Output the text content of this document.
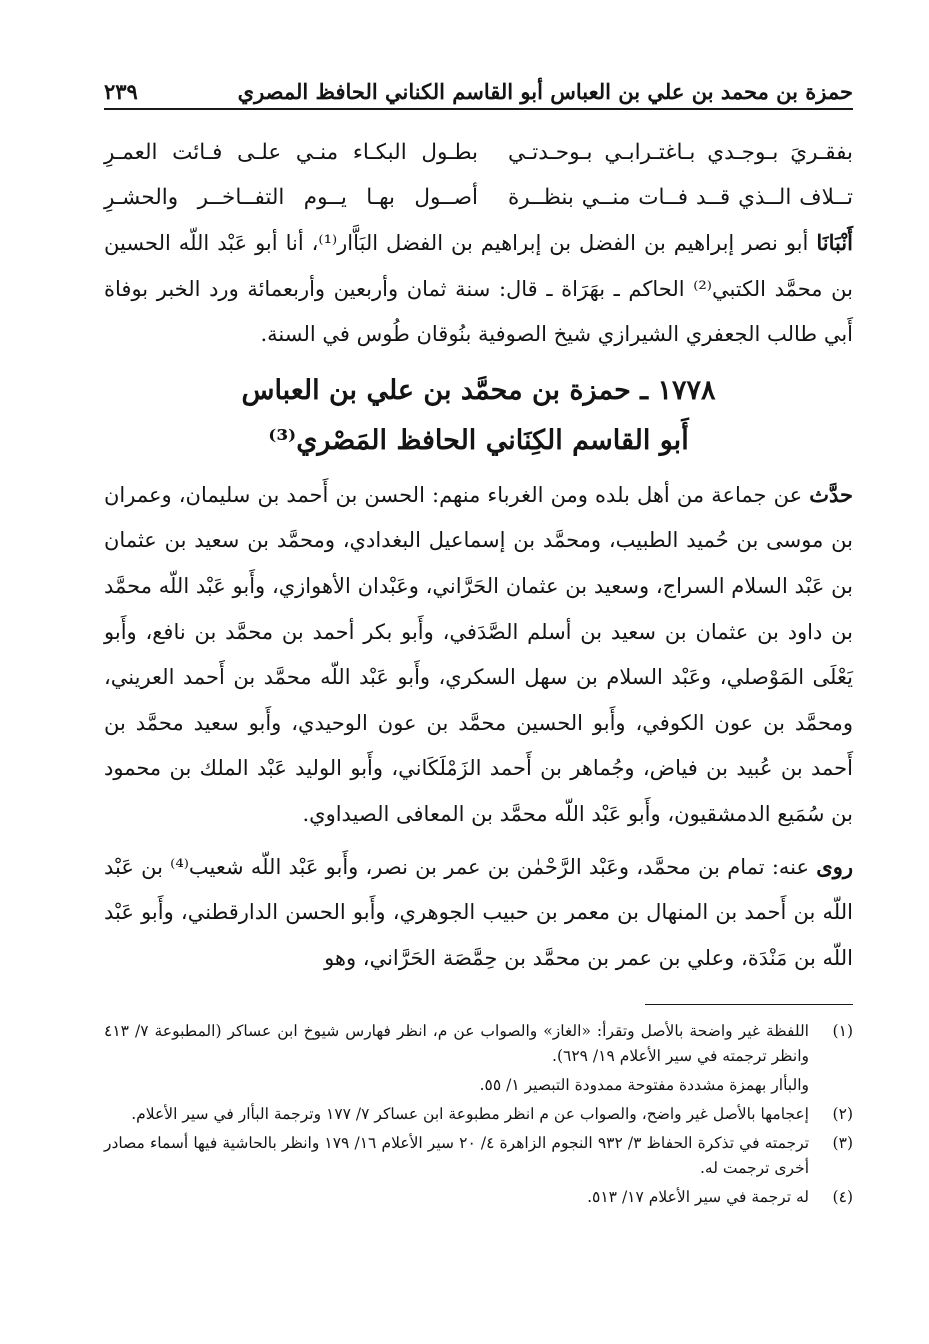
حمزة بن محمد بن علي بن العباس أبو القاسم الكناني الحافظ المصري
٢٣٩
بفقـريَ بـوجـدي بـاغتـرابـي بـوحـدتـي
بطـول البكـاء منـي علـى فـائت العمـرِ
تــلاف الــذي قــد فــات منــي بنظــرة
أصــول بهـا يــوم التفــاخــر والحشـرِ

أَنْبَانَا أبو نصر إبراهيم بن الفضل بن إبراهيم بن الفضل البَاَّار⁽¹⁾، أنا أبو عَبْد اللّه الحسين بن محمَّد الكتبي⁽²⁾ الحاكم ـ بهَرَاة ـ قال: سنة ثمان وأربعين وأربعمائة ورد الخبر بوفاة أَبي طالب الجعفري الشيرازي شيخ الصوفية بنُوقان طُوس في السنة.

١٧٧٨ ـ حمزة بن محمَّد بن علي بن العباس
أَبو القاسم الكِنَاني الحافظ المَصْري⁽³⁾

حدَّث عن جماعة من أهل بلده ومن الغرباء منهم: الحسن بن أَحمد بن سليمان، وعمران بن موسى بن حُميد الطبيب، ومحمَّد بن إسماعيل البغدادي، ومحمَّد بن سعيد بن عثمان بن عَبْد السلام السراج، وسعيد بن عثمان الحَرَّاني، وعَبْدان الأهوازي، وأَبو عَبْد اللّه محمَّد بن داود بن عثمان بن سعيد بن أسلم الصَّدَفي، وأَبو بكر أحمد بن محمَّد بن نافع، وأَبو يَعْلَى المَوْصلي، وعَبْد السلام بن سهل السكري، وأَبو عَبْد اللّه محمَّد بن أَحمد العريني، ومحمَّد بن عون الكوفي، وأَبو الحسين محمَّد بن عون الوحيدي، وأَبو سعيد محمَّد بن أَحمد بن عُبيد بن فياض، وجُماهر بن أَحمد الزَمْلَكَاني، وأَبو الوليد عَبْد الملك بن محمود بن سُمَيع الدمشقيون، وأَبو عَبْد اللّه محمَّد بن المعافى الصيداوي.

روى عنه: تمام بن محمَّد، وعَبْد الرَّحْمٰن بن عمر بن نصر، وأَبو عَبْد اللّه شعيب⁽⁴⁾ بن عَبْد اللّه بن أَحمد بن المنهال بن معمر بن حبيب الجوهري، وأَبو الحسن الدارقطني، وأَبو عَبْد اللّه بن مَنْدَة، وعلي بن عمر بن محمَّد بن حِمَّصَة الحَرَّاني، وهو

(١)
اللفظة غير واضحة بالأصل وتقرأ: «الغاز» والصواب عن م، انظر فهارس شيوخ ابن عساكر (المطبوعة ٧/ ٤١٣ وانظر ترجمته في سير الأعلام ١٩/ ٦٢٩).
والبأار بهمزة مشددة مفتوحة ممدودة التبصير ١/ ٥٥.
(٢)
إعجامها بالأصل غير واضح، والصواب عن م انظر مطبوعة ابن عساكر ٧/ ١٧٧ وترجمة البأار في سير الأعلام.
(٣)
ترجمته في تذكرة الحفاظ ٣/ ٩٣٢ النجوم الزاهرة ٤/ ٢٠ سير الأعلام ١٦/ ١٧٩ وانظر بالحاشية فيها أسماء مصادر أخرى ترجمت له.
(٤)
له ترجمة في سير الأعلام ١٧/ ٥١٣.
